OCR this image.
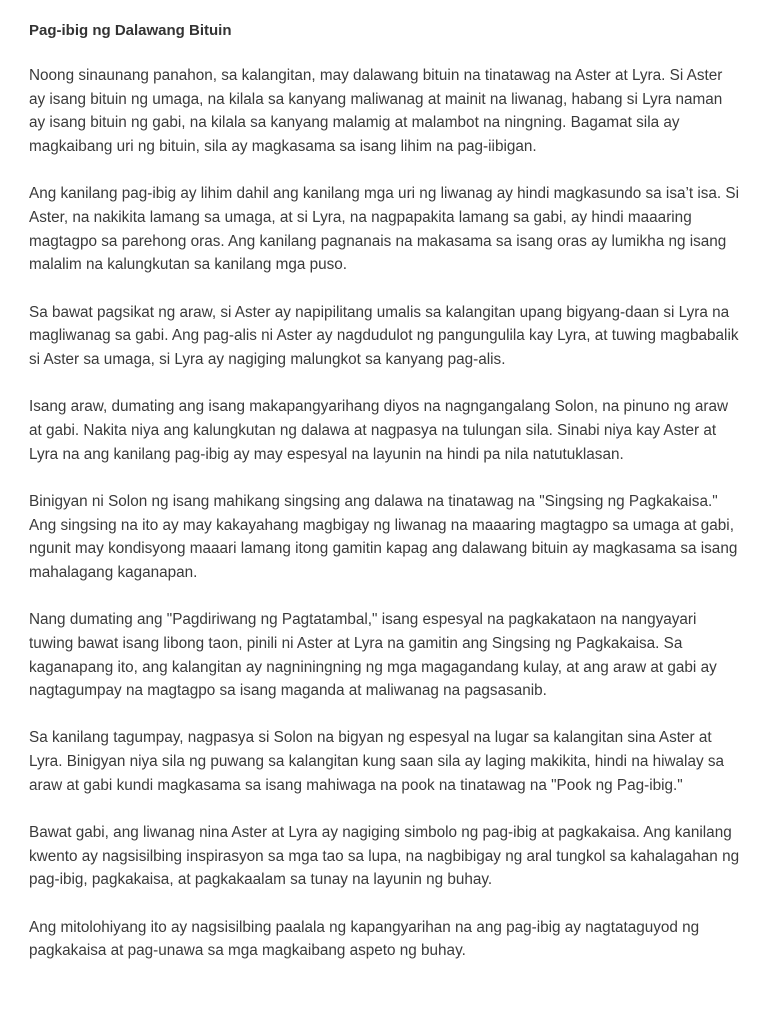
Pag-ibig ng Dalawang Bituin

Noong sinaunang panahon, sa kalangitan, may dalawang bituin na tinatawag na Aster at Lyra. Si Aster ay isang bituin ng umaga, na kilala sa kanyang maliwanag at mainit na liwanag, habang si Lyra naman ay isang bituin ng gabi, na kilala sa kanyang malamig at malambot na ningning. Bagamat sila ay magkaibang uri ng bituin, sila ay magkasama sa isang lihim na pag-iibigan.

Ang kanilang pag-ibig ay lihim dahil ang kanilang mga uri ng liwanag ay hindi magkasundo sa isa’t isa. Si Aster, na nakikita lamang sa umaga, at si Lyra, na nagpapakita lamang sa gabi, ay hindi maaaring magtagpo sa parehong oras. Ang kanilang pagnanais na makasama sa isang oras ay lumikha ng isang malalim na kalungkutan sa kanilang mga puso.

Sa bawat pagsikat ng araw, si Aster ay napipilitang umalis sa kalangitan upang bigyang-daan si Lyra na magliwanag sa gabi. Ang pag-alis ni Aster ay nagdudulot ng pangungulila kay Lyra, at tuwing magbabalik si Aster sa umaga, si Lyra ay nagiging malungkot sa kanyang pag-alis.

Isang araw, dumating ang isang makapangyarihang diyos na nagngangalang Solon, na pinuno ng araw at gabi. Nakita niya ang kalungkutan ng dalawa at nagpasya na tulungan sila. Sinabi niya kay Aster at Lyra na ang kanilang pag-ibig ay may espesyal na layunin na hindi pa nila natutuklasan.

Binigyan ni Solon ng isang mahikang singsing ang dalawa na tinatawag na "Singsing ng Pagkakaisa." Ang singsing na ito ay may kakayahang magbigay ng liwanag na maaaring magtagpo sa umaga at gabi, ngunit may kondisyong maaari lamang itong gamitin kapag ang dalawang bituin ay magkasama sa isang mahalagang kaganapan.

Nang dumating ang "Pagdiriwang ng Pagtatambal," isang espesyal na pagkakataon na nangyayari tuwing bawat isang libong taon, pinili ni Aster at Lyra na gamitin ang Singsing ng Pagkakaisa. Sa kaganapang ito, ang kalangitan ay nagniningning ng mga magagandang kulay, at ang araw at gabi ay nagtagumpay na magtagpo sa isang maganda at maliwanag na pagsasanib.

Sa kanilang tagumpay, nagpasya si Solon na bigyan ng espesyal na lugar sa kalangitan sina Aster at Lyra. Binigyan niya sila ng puwang sa kalangitan kung saan sila ay laging makikita, hindi na hiwalay sa araw at gabi kundi magkasama sa isang mahiwaga na pook na tinatawag na "Pook ng Pag-ibig."

Bawat gabi, ang liwanag nina Aster at Lyra ay nagiging simbolo ng pag-ibig at pagkakaisa. Ang kanilang kwento ay nagsisilbing inspirasyon sa mga tao sa lupa, na nagbibigay ng aral tungkol sa kahalagahan ng pag-ibig, pagkakaisa, at pagkakaalam sa tunay na layunin ng buhay.

Ang mitolohiyang ito ay nagsisilbing paalala ng kapangyarihan na ang pag-ibig ay nagtataguyod ng pagkakaisa at pag-unawa sa mga magkaibang aspeto ng buhay.
